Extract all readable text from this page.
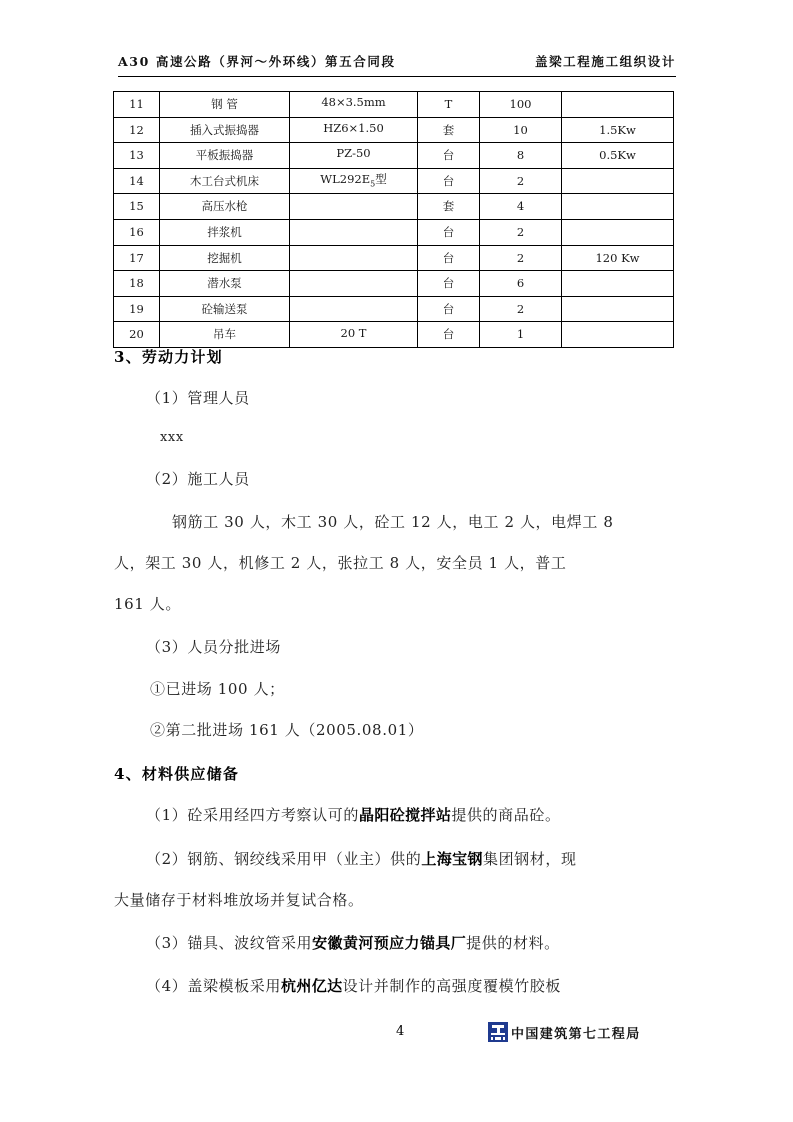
A30 高速公路（界河～外环线）第五合同段	盖梁工程施工组织设计
11	钢 管	48×3.5mm	T	100	
12	插入式振捣器	HZ6×1.50	套	10	1.5Kw
13	平板振捣器	PZ-50	台	8	0.5Kw
14	木工台式机床	$WL292E_5$型	台	2	
15	高压水枪		套	4	
16	拌浆机		台	2	
17	挖掘机		台	2	120 Kw
18	潜水泵		台	6	
19	砼输送泵		台	2	
20	吊车	20 T	台	1	
3、劳动力计划
（1）管理人员
xxx
（2）施工人员
钢筋工 30 人，木工 30 人，砼工 12 人，电工 2 人，电焊工 8
人，架工 30 人，机修工 2 人，张拉工 8 人，安全员 1 人，普工
161 人。
（3）人员分批进场
①已进场 100 人；
②第二批进场 161 人（2005.08.01）
4、材料供应储备
（1）砼采用经四方考察认可的晶阳砼搅拌站提供的商品砼。
（2）钢筋、钢绞线采用甲（业主）供的上海宝钢集团钢材，现
大量储存于材料堆放场并复试合格。
（3）锚具、波纹管采用安徽黄河预应力锚具厂提供的材料。
（4）盖梁模板采用杭州亿达设计并制作的高强度覆模竹胶板
4	中国建筑第七工程局
